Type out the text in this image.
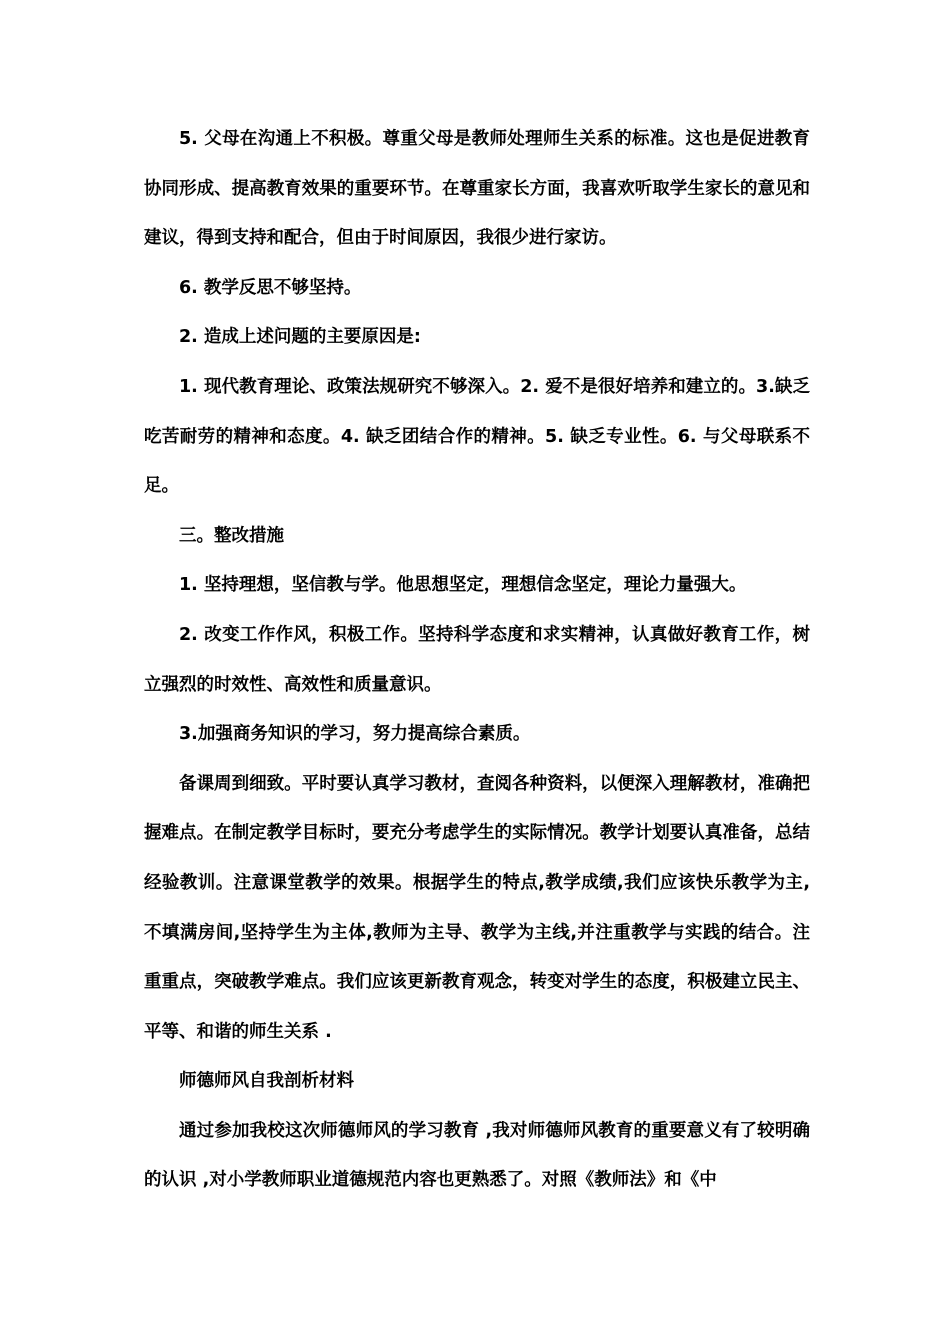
5. 父母在沟通上不积极。尊重父母是教师处理师生关系的标准。这也是促进教育协同形成、提高教育效果的重要环节。在尊重家长方面，我喜欢听取学生家长的意见和建议，得到支持和配合，但由于时间原因，我很少进行家访。

6. 教学反思不够坚持。

2. 造成上述问题的主要原因是:

1. 现代教育理论、政策法规研究不够深入。2. 爱不是很好培养和建立的。3.缺乏吃苦耐劳的精神和态度。4. 缺乏团结合作的精神。5. 缺乏专业性。6. 与父母联系不足。

三。整改措施

1. 坚持理想，坚信教与学。他思想坚定，理想信念坚定，理论力量强大。

2. 改变工作作风，积极工作。坚持科学态度和求实精神，认真做好教育工作，树立强烈的时效性、高效性和质量意识。

3.加强商务知识的学习，努力提高综合素质。

备课周到细致。平时要认真学习教材，查阅各种资料，以便深入理解教材，准确把握难点。在制定教学目标时，要充分考虑学生的实际情况。教学计划要认真准备，总结经验教训。注意课堂教学的效果。根据学生的特点,教学成绩,我们应该快乐教学为主,不填满房间,坚持学生为主体,教师为主导、教学为主线,并注重教学与实践的结合。注重重点，突破教学难点。我们应该更新教育观念，转变对学生的态度，积极建立民主、平等、和谐的师生关系 .

师德师风自我剖析材料

通过参加我校这次师德师风的学习教育 ,我对师德师风教育的重要意义有了较明确的认识 ,对小学教师职业道德规范内容也更熟悉了。对照《教师法》和《中
